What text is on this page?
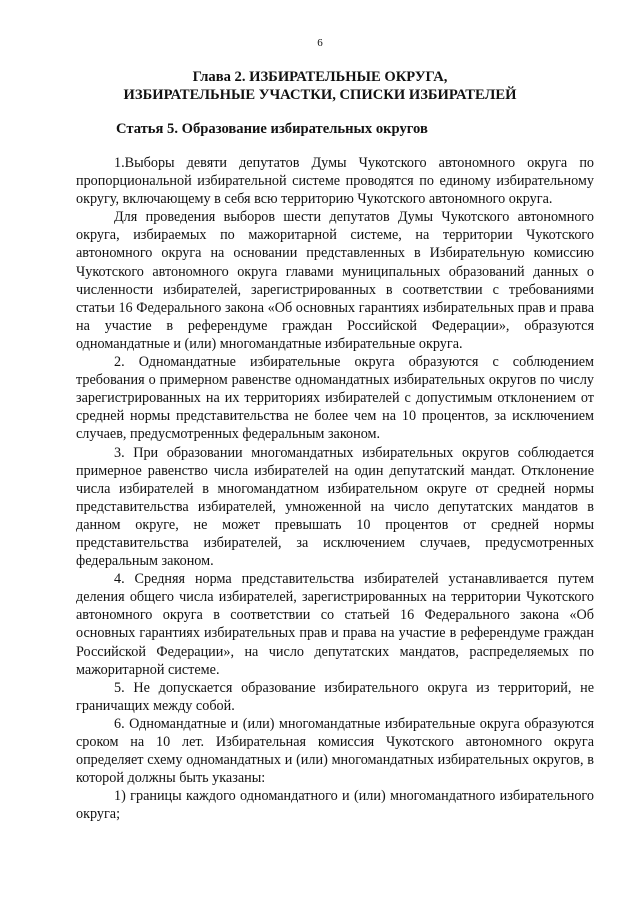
6
Глава 2. ИЗБИРАТЕЛЬНЫЕ ОКРУГА,
ИЗБИРАТЕЛЬНЫЕ УЧАСТКИ, СПИСКИ ИЗБИРАТЕЛЕЙ
Статья 5. Образование избирательных округов

1.Выборы девяти депутатов Думы Чукотского автономного округа по пропорциональной избирательной системе проводятся по единому избирательному округу, включающему в себя всю территорию Чукотского автономного округа.

Для проведения выборов шести депутатов Думы Чукотского автономного округа, избираемых по мажоритарной системе, на территории Чукотского автономного округа на основании представленных в Избирательную комиссию Чукотского автономного округа главами муниципальных образований данных о численности избирателей, зарегистрированных в соответствии с требованиями статьи 16 Федерального закона «Об основных гарантиях избирательных прав и права на участие в референдуме граждан Российской Федерации», образуются одномандатные и (или) многомандатные избирательные округа.

2. Одномандатные избирательные округа образуются с соблюдением требования о примерном равенстве одномандатных избирательных округов по числу зарегистрированных на их территориях избирателей с допустимым отклонением от средней нормы представительства не более чем на 10 процентов, за исключением случаев, предусмотренных федеральным законом.

3. При образовании многомандатных избирательных округов соблюдается примерное равенство числа избирателей на один депутатский мандат. Отклонение числа избирателей в многомандатном избирательном округе от средней нормы представительства избирателей, умноженной на число депутатских мандатов в данном округе, не может превышать 10 процентов от средней нормы представительства избирателей, за исключением случаев, предусмотренных федеральным законом.

4. Средняя норма представительства избирателей устанавливается путем деления общего числа избирателей, зарегистрированных на территории Чукотского автономного округа в соответствии со статьей 16 Федерального закона «Об основных гарантиях избирательных прав и права на участие в референдуме граждан Российской Федерации», на число депутатских мандатов, распределяемых по мажоритарной системе.

5. Не допускается образование избирательного округа из территорий, не граничащих между собой.

6. Одномандатные и (или) многомандатные избирательные округа образуются сроком на 10 лет. Избирательная комиссия Чукотского автономного округа определяет схему одномандатных и (или) многомандатных избирательных округов, в которой должны быть указаны:

1) границы каждого одномандатного и (или) многомандатного избирательного округа;
